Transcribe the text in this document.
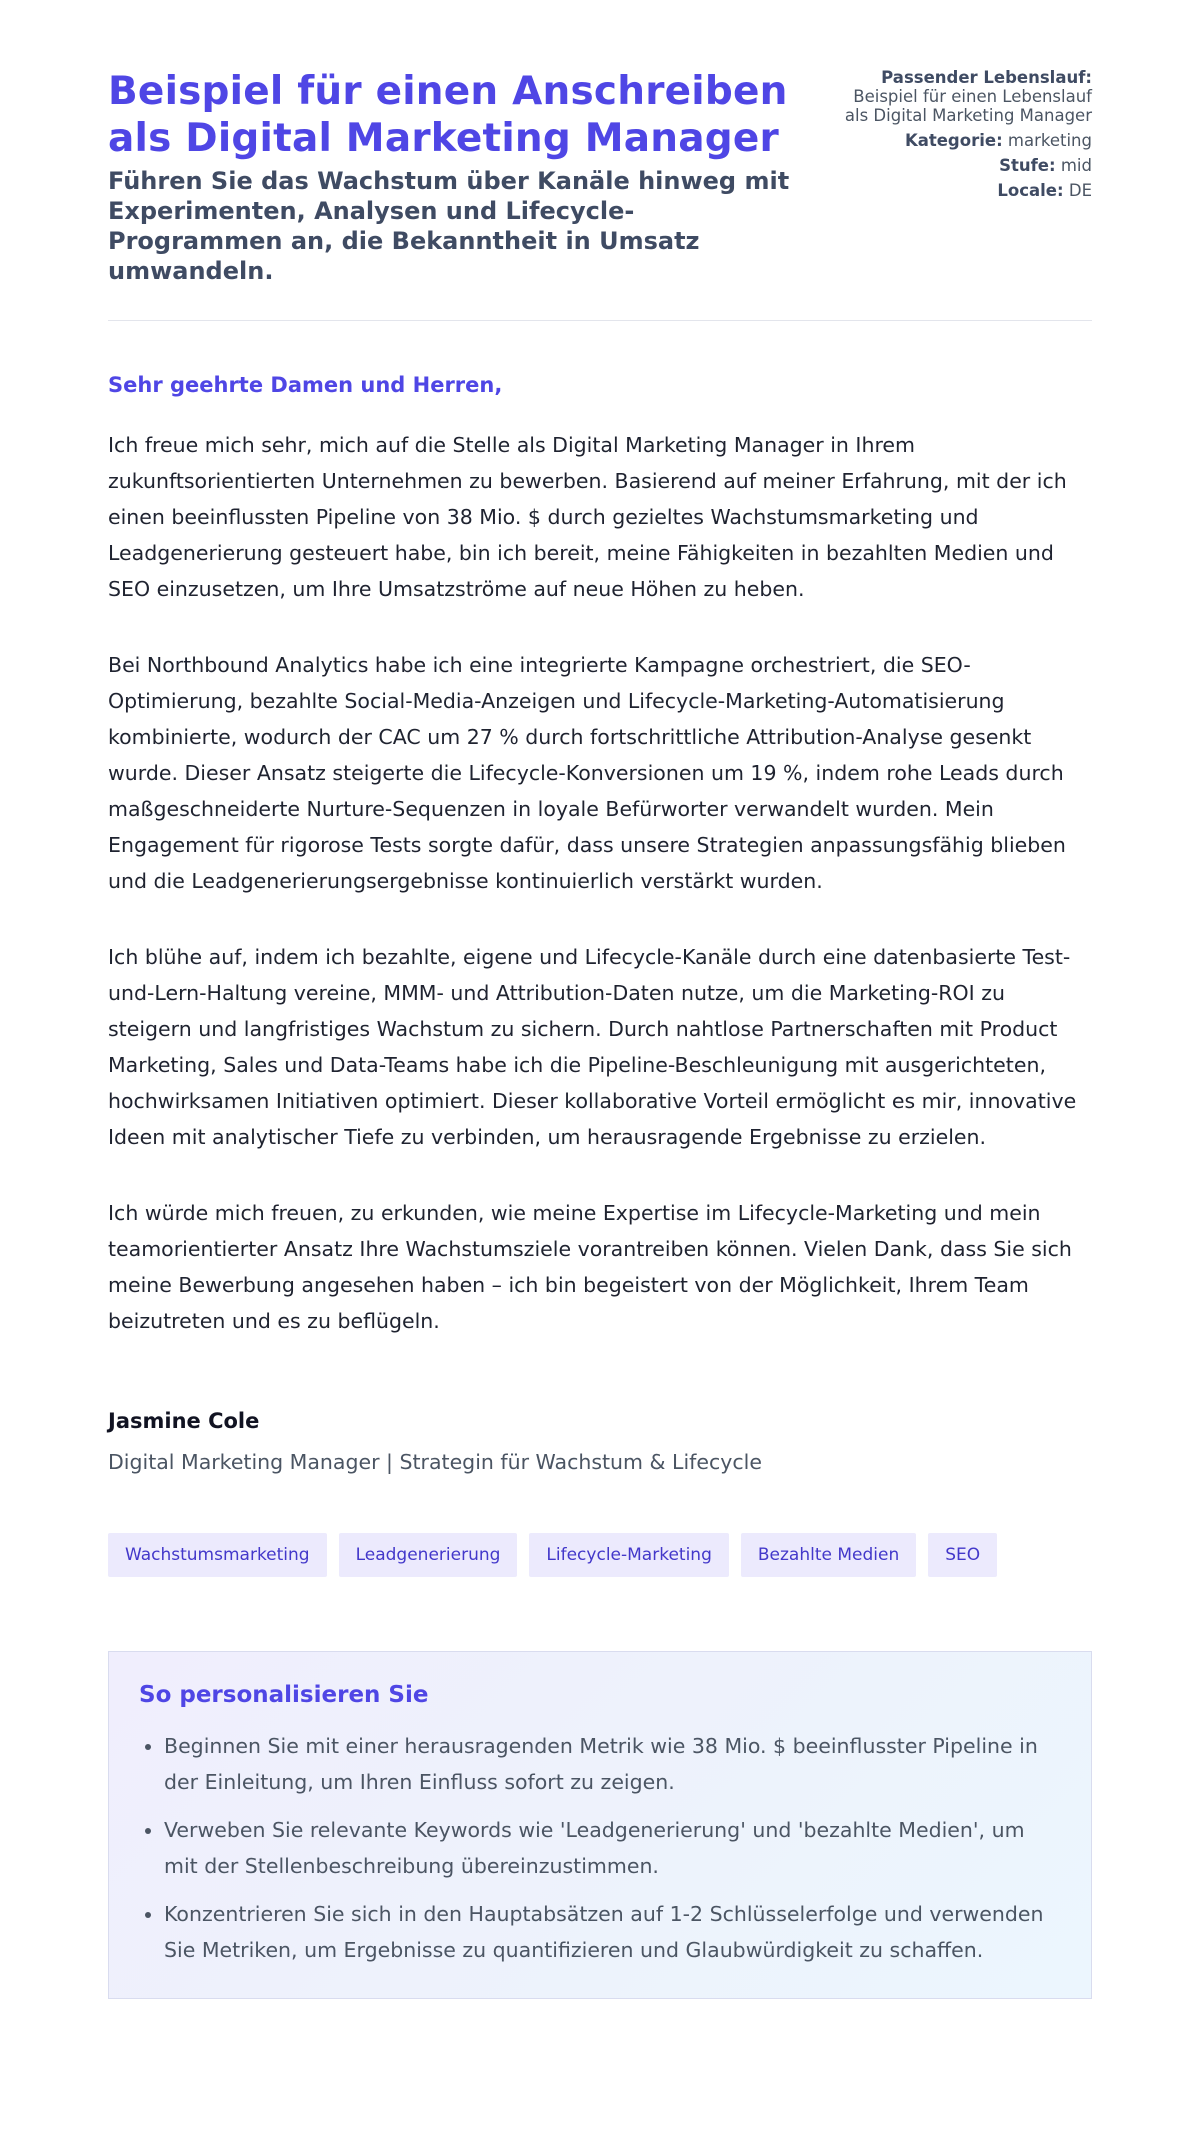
Beispiel für einen Anschreiben als Digital Marketing Manager
Führen Sie das Wachstum über Kanäle hinweg mit Experimenten, Analysen und Lifecycle-Programmen an, die Bekanntheit in Umsatz umwandeln.
Passender Lebenslauf:
Beispiel für einen Lebenslauf als Digital Marketing Manager
Kategorie: marketing
Stufe: mid
Locale: DE

Sehr geehrte Damen und Herren,

Ich freue mich sehr, mich auf die Stelle als Digital Marketing Manager in Ihrem zukunftsorientierten Unternehmen zu bewerben. Basierend auf meiner Erfahrung, mit der ich einen beeinflussten Pipeline von 38 Mio. $ durch gezieltes Wachstumsmarketing und Leadgenerierung gesteuert habe, bin ich bereit, meine Fähigkeiten in bezahlten Medien und SEO einzusetzen, um Ihre Umsatzströme auf neue Höhen zu heben.

Bei Northbound Analytics habe ich eine integrierte Kampagne orchestriert, die SEO-Optimierung, bezahlte Social-Media-Anzeigen und Lifecycle-Marketing-Automatisierung kombinierte, wodurch der CAC um 27 % durch fortschrittliche Attribution-Analyse gesenkt wurde. Dieser Ansatz steigerte die Lifecycle-Konversionen um 19 %, indem rohe Leads durch maßgeschneiderte Nurture-Sequenzen in loyale Befürworter verwandelt wurden. Mein Engagement für rigorose Tests sorgte dafür, dass unsere Strategien anpassungsfähig blieben und die Leadgenerierungsergebnisse kontinuierlich verstärkt wurden.

Ich blühe auf, indem ich bezahlte, eigene und Lifecycle-Kanäle durch eine datenbasierte Test-und-Lern-Haltung vereine, MMM- und Attribution-Daten nutze, um die Marketing-ROI zu steigern und langfristiges Wachstum zu sichern. Durch nahtlose Partnerschaften mit Product Marketing, Sales und Data-Teams habe ich die Pipeline-Beschleunigung mit ausgerichteten, hochwirksamen Initiativen optimiert. Dieser kollaborative Vorteil ermöglicht es mir, innovative Ideen mit analytischer Tiefe zu verbinden, um herausragende Ergebnisse zu erzielen.

Ich würde mich freuen, zu erkunden, wie meine Expertise im Lifecycle-Marketing und mein teamorientierter Ansatz Ihre Wachstumsziele vorantreiben können. Vielen Dank, dass Sie sich meine Bewerbung angesehen haben – ich bin begeistert von der Möglichkeit, Ihrem Team beizutreten und es zu beflügeln.

Jasmine Cole

Digital Marketing Manager | Strategin für Wachstum & Lifecycle

Wachstumsmarketing	Leadgenerierung	Lifecycle-Marketing	Bezahlte Medien	SEO
So personalisieren Sie
• Beginnen Sie mit einer herausragenden Metrik wie 38 Mio. $ beeinflusster Pipeline in der Einleitung, um Ihren Einfluss sofort zu zeigen.
• Verweben Sie relevante Keywords wie 'Leadgenerierung' und 'bezahlte Medien', um mit der Stellenbeschreibung übereinzustimmen.
• Konzentrieren Sie sich in den Hauptabsätzen auf 1-2 Schlüsselerfolge und verwenden Sie Metriken, um Ergebnisse zu quantifizieren und Glaubwürdigkeit zu schaffen.
